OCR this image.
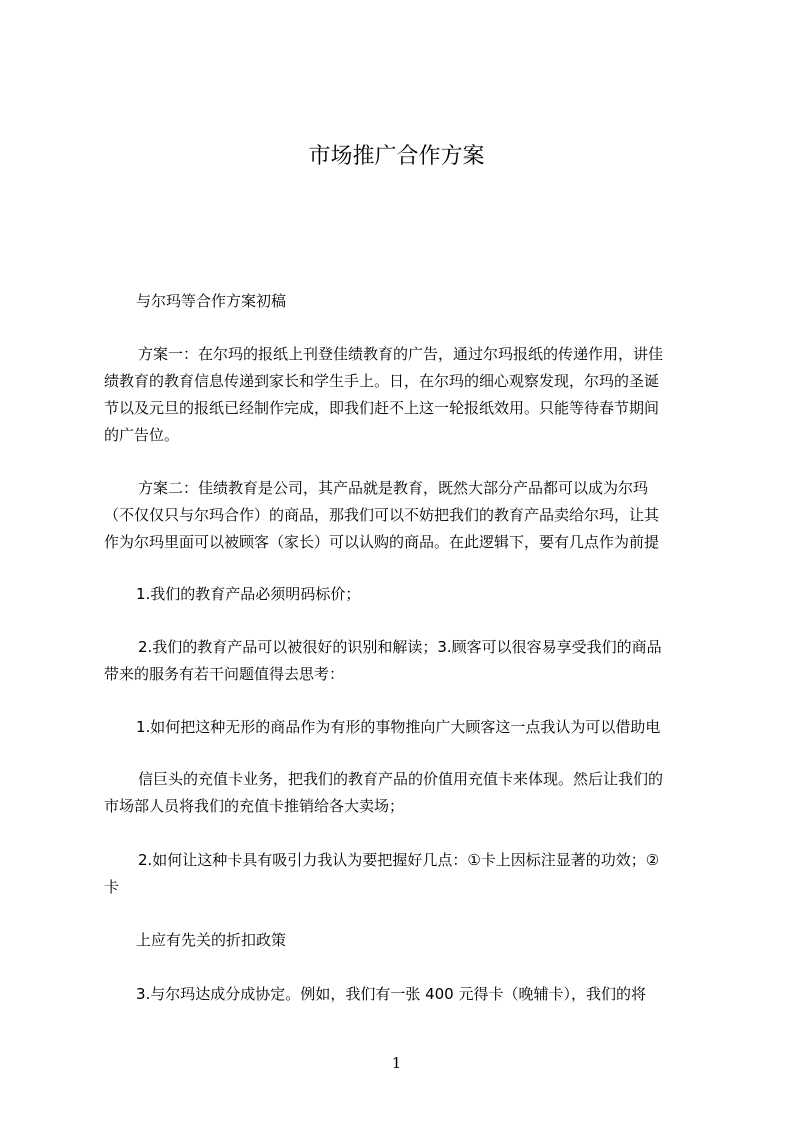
市场推广合作方案

与尔玛等合作方案初稿

方案一：在尔玛的报纸上刊登佳绩教育的广告，通过尔玛报纸的传递作用，讲佳
绩教育的教育信息传递到家长和学生手上。日，在尔玛的细心观察发现，尔玛的圣诞
节以及元旦的报纸已经制作完成，即我们赶不上这一轮报纸效用。只能等待春节期间
的广告位。

方案二：佳绩教育是公司，其产品就是教育，既然大部分产品都可以成为尔玛
（不仅仅只与尔玛合作）的商品，那我们可以不妨把我们的教育产品卖给尔玛，让其
作为尔玛里面可以被顾客（家长）可以认购的商品。在此逻辑下，要有几点作为前提

1.我们的教育产品必须明码标价；

2.我们的教育产品可以被很好的识别和解读；3.顾客可以很容易享受我们的商品
带来的服务有若干问题值得去思考：

1.如何把这种无形的商品作为有形的事物推向广大顾客这一点我认为可以借助电

信巨头的充值卡业务，把我们的教育产品的价值用充值卡来体现。然后让我们的
市场部人员将我们的充值卡推销给各大卖场；

2.如何让这种卡具有吸引力我认为要把握好几点：①卡上因标注显著的功效；②
卡

上应有先关的折扣政策

3.与尔玛达成分成协定。例如，我们有一张 400 元得卡（晚辅卡），我们的将

1
